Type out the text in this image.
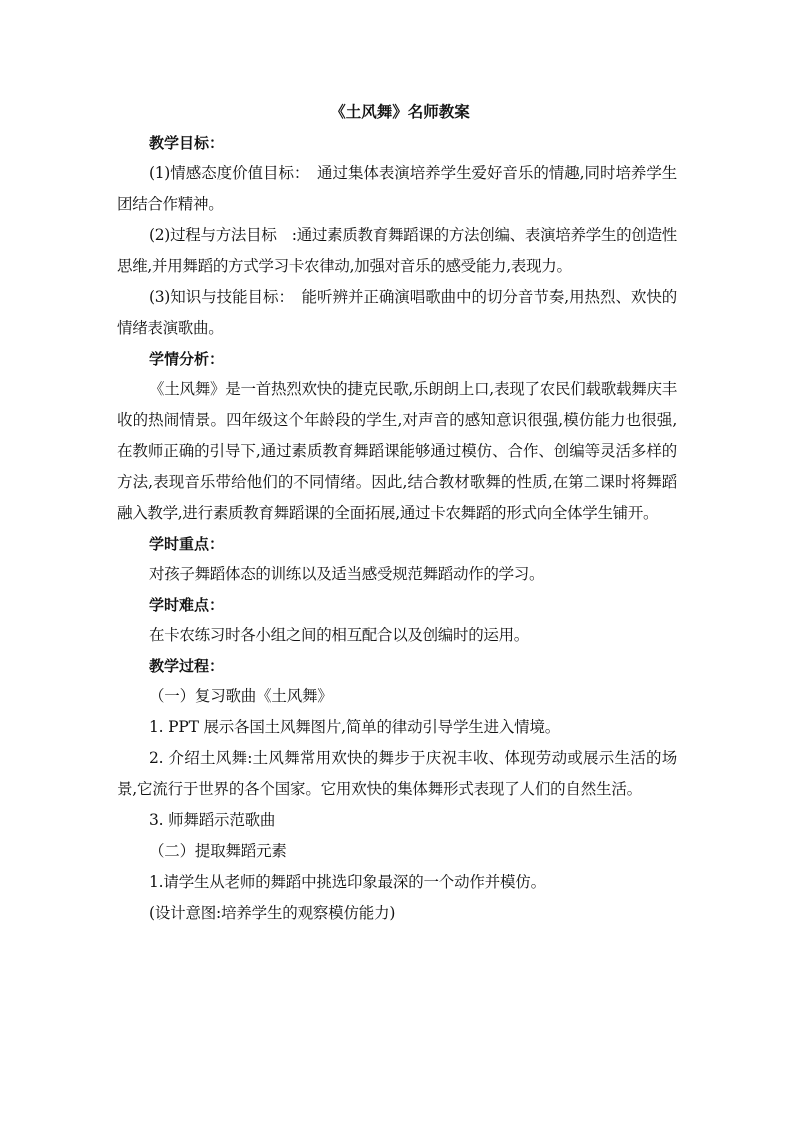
《土风舞》名师教案
教学目标：

(1)情感态度价值目标：　通过集体表演培养学生爱好音乐的情趣,同时培养学生团结合作精神。

(2)过程与方法目标　:通过素质教育舞蹈课的方法创编、表演培养学生的创造性思维,并用舞蹈的方式学习卡农律动,加强对音乐的感受能力,表现力。

(3)知识与技能目标：　能听辨并正确演唱歌曲中的切分音节奏,用热烈、欢快的情绪表演歌曲。

学情分析：

《土风舞》是一首热烈欢快的捷克民歌,乐朗朗上口,表现了农民们载歌载舞庆丰收的热闹情景。四年级这个年龄段的学生,对声音的感知意识很强,模仿能力也很强,在教师正确的引导下,通过素质教育舞蹈课能够通过模仿、合作、创编等灵活多样的方法,表现音乐带给他们的不同情绪。因此,结合教材歌舞的性质,在第二课时将舞蹈融入教学,进行素质教育舞蹈课的全面拓展,通过卡农舞蹈的形式向全体学生铺开。

学时重点：

对孩子舞蹈体态的训练以及适当感受规范舞蹈动作的学习。

学时难点：

在卡农练习时各小组之间的相互配合以及创编时的运用。

教学过程：

（一）复习歌曲《土风舞》

1. PPT 展示各国土风舞图片,简单的律动引导学生进入情境。

2. 介绍土风舞:土风舞常用欢快的舞步于庆祝丰收、体现劳动或展示生活的场景,它流行于世界的各个国家。它用欢快的集体舞形式表现了人们的自然生活。

3. 师舞蹈示范歌曲

（二）提取舞蹈元素

1.请学生从老师的舞蹈中挑选印象最深的一个动作并模仿。

(设计意图:培养学生的观察模仿能力)
